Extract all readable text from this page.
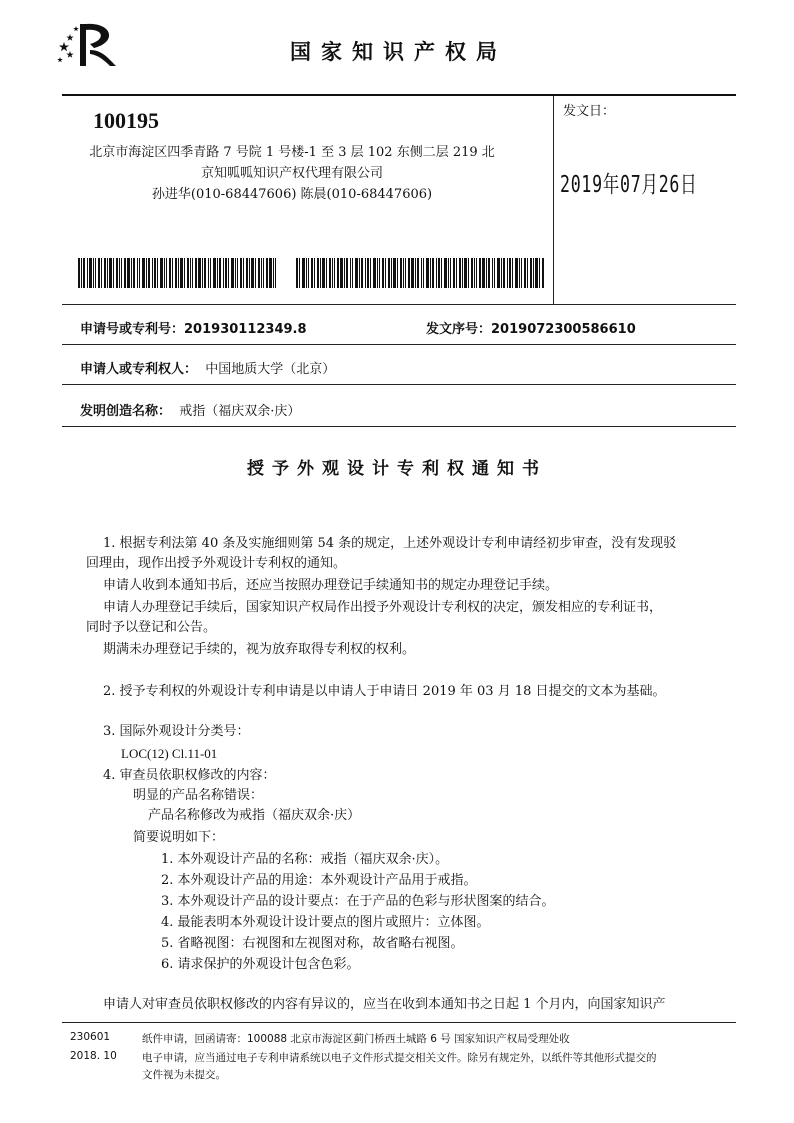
国家知识产权局
100195
北京市海淀区四季青路 7 号院 1 号楼-1 至 3 层 102 东侧二层 219 北
京知呱呱知识产权代理有限公司
孙进华(010-68447606) 陈晨(010-68447606)
发文日：
2019年07月26日
申请号或专利号：201930112349.8	发文序号：2019072300586610
申请人或专利权人： 中国地质大学（北京）
发明创造名称： 戒指（福庆双余·庆）
授予外观设计专利权通知书
1. 根据专利法第 40 条及实施细则第 54 条的规定，上述外观设计专利申请经初步审查，没有发现驳
回理由，现作出授予外观设计专利权的通知。
申请人收到本通知书后，还应当按照办理登记手续通知书的规定办理登记手续。
申请人办理登记手续后，国家知识产权局作出授予外观设计专利权的决定，颁发相应的专利证书，
同时予以登记和公告。
期满未办理登记手续的，视为放弃取得专利权的权利。
2. 授予专利权的外观设计专利申请是以申请人于申请日 2019 年 03 月 18 日提交的文本为基础。
3. 国际外观设计分类号：
LOC(12) Cl.11-01
4. 审查员依职权修改的内容：
明显的产品名称错误：
产品名称修改为戒指（福庆双余·庆）
简要说明如下：
1. 本外观设计产品的名称：戒指（福庆双余·庆）。
2. 本外观设计产品的用途：本外观设计产品用于戒指。
3. 本外观设计产品的设计要点：在于产品的色彩与形状图案的结合。
4. 最能表明本外观设计设计要点的图片或照片：立体图。
5. 省略视图：右视图和左视图对称，故省略右视图。
6. 请求保护的外观设计包含色彩。
申请人对审查员依职权修改的内容有异议的，应当在收到本通知书之日起 1 个月内，向国家知识产
230601	纸件申请，回函请寄：100088 北京市海淀区蓟门桥西土城路 6 号 国家知识产权局受理处收
2018. 10 电子申请，应当通过电子专利申请系统以电子文件形式提交相关文件。除另有规定外，以纸件等其他形式提交的
文件视为未提交。
